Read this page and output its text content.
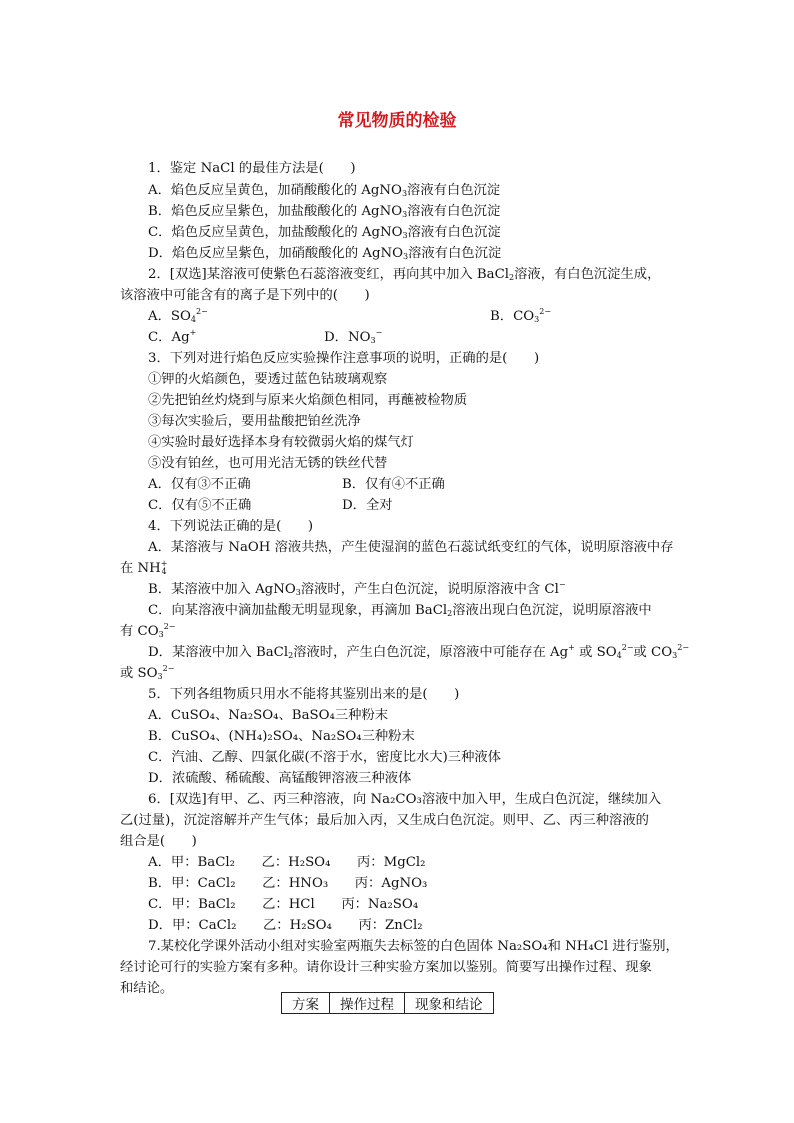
常见物质的检验
1．鉴定 NaCl 的最佳方法是(　　)
A．焰色反应呈黄色，加硝酸酸化的 AgNO$_3$溶液有白色沉淀
B．焰色反应呈紫色，加盐酸酸化的 AgNO$_3$溶液有白色沉淀
C．焰色反应呈黄色，加盐酸酸化的 AgNO$_3$溶液有白色沉淀
D．焰色反应呈紫色，加硝酸酸化的 AgNO$_3$溶液有白色沉淀
2．[双选]某溶液可使紫色石蕊溶液变红，再向其中加入 BaCl$_2$溶液，有白色沉淀生成，
该溶液中可能含有的离子是下列中的(　　)
A．$SO_4^{2-}$	B．$CO_3^{2-}$
C．Ag+	D．$NO_3^-$
3．下列对进行焰色反应实验操作注意事项的说明，正确的是(　　)
①钾的火焰颜色，要透过蓝色钴玻璃观察
②先把铂丝灼烧到与原来火焰颜色相同，再蘸被检物质
③每次实验后，要用盐酸把铂丝洗净
④实验时最好选择本身有较微弱火焰的煤气灯
⑤没有铂丝，也可用光洁无锈的铁丝代替
A．仅有③不正确	B．仅有④不正确
C．仅有⑤不正确	D．全对
4．下列说法正确的是(　　)
A．某溶液与 NaOH 溶液共热，产生使湿润的蓝色石蕊试纸变红的气体，说明原溶液中存
在 $NH^+_4$
B．某溶液中加入 AgNO$_3$溶液时，产生白色沉淀，说明原溶液中含 Cl−
C．向某溶液中滴加盐酸无明显现象，再滴加 BaCl$_2$溶液出现白色沉淀，说明原溶液中
有 $CO_3^{2-}$
D．某溶液中加入 BaCl$_2$溶液时，产生白色沉淀，原溶液中可能存在 Ag+ 或 $SO_4^{2-}$或 $CO_3^{2-}$
或 $SO_3^{2-}$
5．下列各组物质只用水不能将其鉴别出来的是(　　)
A．CuSO₄、Na₂SO₄、BaSO₄三种粉末
B．CuSO₄、(NH₄)₂SO₄、Na₂SO₄三种粉末
C．汽油、乙醇、四氯化碳(不溶于水，密度比水大)三种液体
D．浓硫酸、稀硫酸、高锰酸钾溶液三种液体
6．[双选]有甲、乙、丙三种溶液，向 Na₂CO₃溶液中加入甲，生成白色沉淀，继续加入
乙(过量)，沉淀溶解并产生气体；最后加入丙，又生成白色沉淀。则甲、乙、丙三种溶液的
组合是(　　)
A．甲：BaCl₂　　乙：H₂SO₄　　丙：MgCl₂
B．甲：CaCl₂　　乙：HNO₃　　丙：AgNO₃
C．甲：BaCl₂　　乙：HCl　　丙：Na₂SO₄
D．甲：CaCl₂　　乙：H₂SO₄　　丙：ZnCl₂
7.某校化学课外活动小组对实验室两瓶失去标签的白色固体 Na₂SO₄和 NH₄Cl 进行鉴别，
经讨论可行的实验方案有多种。请你设计三种实验方案加以鉴别。简要写出操作过程、现象
和结论。
方案	操作过程	现象和结论
